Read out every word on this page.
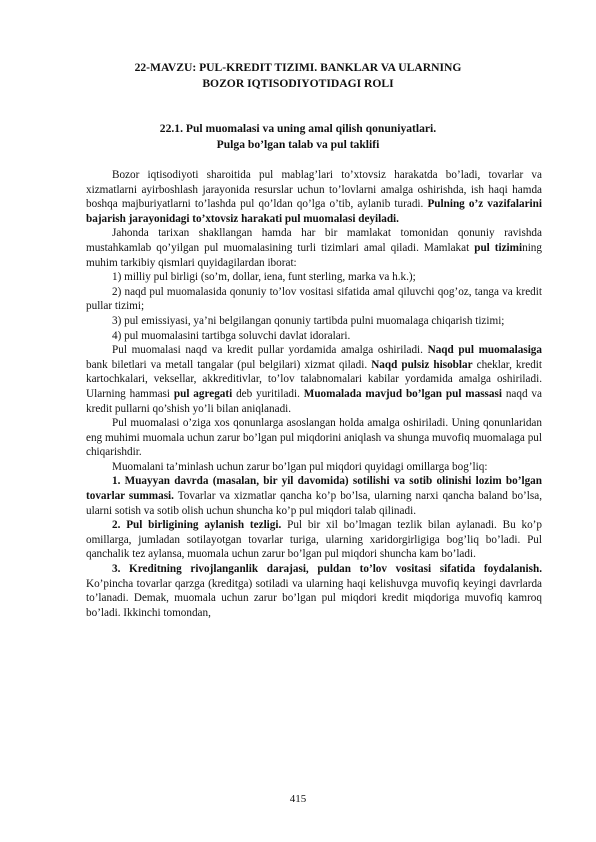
22-MAVZU: PUL-KREDIT TIZIMI. BANKLAR VA ULARNING
BOZOR IQTISODIYOTIDAGI ROLI
22.1. Pul muomalasi va uning amal qilish qonuniyatlari.
Pulga bo’lgan talab va pul taklifi

Bozor iqtisodiyoti sharoitida pul mablag’lari to’xtovsiz harakatda bo’ladi, tovarlar va xizmatlarni ayirboshlash jarayonida resurslar uchun to’lovlarni amalga oshirishda, ish haqi hamda boshqa majburiyatlarni to’lashda pul qo’ldan qo’lga o’tib, aylanib turadi. Pulning o’z vazifalarini bajarish jarayonidagi to’xtovsiz harakati pul muomalasi deyiladi.

Jahonda tarixan shakllangan hamda har bir mamlakat tomonidan qonuniy ravishda mustahkamlab qo’yilgan pul muomalasining turli tizimlari amal qiladi. Mamlakat pul tizimining muhim tarkibiy qismlari quyidagilardan iborat:

1) milliy pul birligi (so’m, dollar, iena, funt sterling, marka va h.k.);

2) naqd pul muomalasida qonuniy to’lov vositasi sifatida amal qiluvchi qog’oz, tanga va kredit pullar tizimi;

3) pul emissiyasi, ya’ni belgilangan qonuniy tartibda pulni muomalaga chiqarish tizimi;

4) pul muomalasini tartibga soluvchi davlat idoralari.

Pul muomalasi naqd va kredit pullar yordamida amalga oshiriladi. Naqd pul muomalasiga bank biletlari va metall tangalar (pul belgilari) xizmat qiladi. Naqd pulsiz hisoblar cheklar, kredit kartochkalari, veksellar, akkreditivlar, to’lov talabnomalari kabilar yordamida amalga oshiriladi. Ularning hammasi pul agregati deb yuritiladi. Muomalada mavjud bo’lgan pul massasi naqd va kredit pullarni qo’shish yo’li bilan aniqlanadi.

Pul muomalasi o’ziga xos qonunlarga asoslangan holda amalga oshiriladi. Uning qonunlaridan eng muhimi muomala uchun zarur bo’lgan pul miqdorini aniqlash va shunga muvofiq muomalaga pul chiqarishdir.

Muomalani ta’minlash uchun zarur bo’lgan pul miqdori quyidagi omillarga bog’liq:

1. Muayyan davrda (masalan, bir yil davomida) sotilishi va sotib olinishi lozim bo’lgan tovarlar summasi. Tovarlar va xizmatlar qancha ko’p bo’lsa, ularning narxi qancha baland bo’lsa, ularni sotish va sotib olish uchun shuncha ko’p pul miqdori talab qilinadi.

2. Pul birligining aylanish tezligi. Pul bir xil bo’lmagan tezlik bilan aylanadi. Bu ko’p omillarga, jumladan sotilayotgan tovarlar turiga, ularning xaridorgirligiga bog’liq bo’ladi. Pul qanchalik tez aylansa, muomala uchun zarur bo’lgan pul miqdori shuncha kam bo’ladi.

3. Kreditning rivojlanganlik darajasi, puldan to’lov vositasi sifatida foydalanish. Ko’pincha tovarlar qarzga (kreditga) sotiladi va ularning haqi kelishuvga muvofiq keyingi davrlarda to’lanadi. Demak, muomala uchun zarur bo’lgan pul miqdori kredit miqdoriga muvofiq kamroq bo’ladi. Ikkinchi tomondan,

415
